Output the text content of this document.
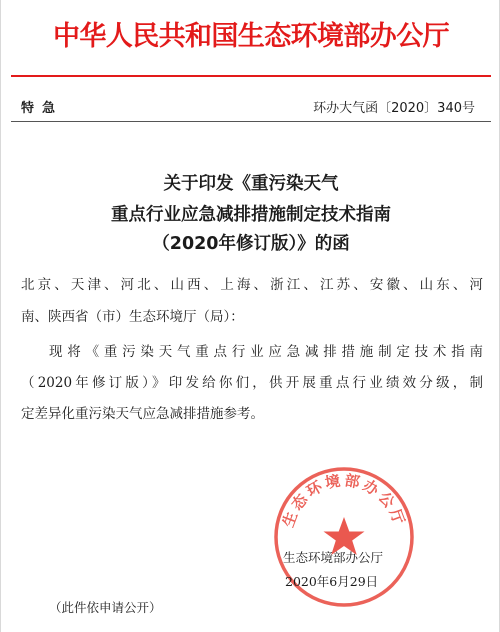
中华人民共和国生态环境部办公厅
特急	环办大气函〔2020〕340号
关于印发《重污染天气
重点行业应急减排措施制定技术指南
（2020年修订版）》的函
北京、天津、河北、山西、上海、浙江、江苏、安徽、山东、河
南、陕西省（市）生态环境厅（局）：
现将《重污染天气重点行业应急减排措施制定技术指南
（2020年修订版）》印发给你们，供开展重点行业绩效分级，制
定差异化重污染天气应急减排措施参考。
生态环境部办公厅
生态环境部办公厅
2020年6月29日
（此件依申请公开）
